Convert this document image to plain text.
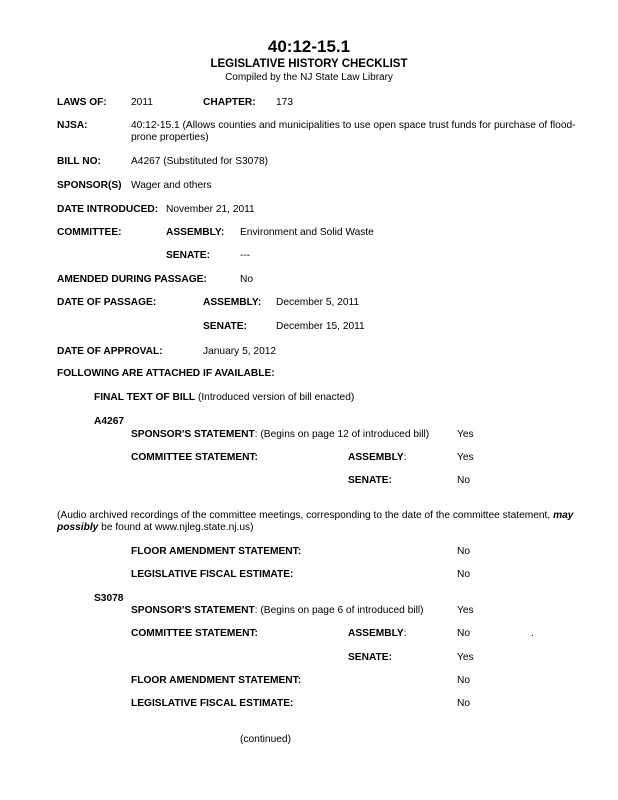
40:12-15.1
LEGISLATIVE HISTORY CHECKLIST
Compiled by the NJ State Law Library
LAWS OF: 2011	CHAPTER: 173
NJSA:	40:12-15.1 (Allows counties and municipalities to use open space trust funds for purchase of flood-prone properties)
BILL NO:	A4267 (Substituted for S3078)
SPONSOR(S) Wager and others
DATE INTRODUCED: November 21, 2011
COMMITTEE:	ASSEMBLY: Environment and Solid Waste
SENATE:	---
AMENDED DURING PASSAGE:	No
DATE OF PASSAGE:	ASSEMBLY: December 5, 2011
SENATE:	December 15, 2011
DATE OF APPROVAL:	January 5, 2012
FOLLOWING ARE ATTACHED IF AVAILABLE:
FINAL TEXT OF BILL (Introduced version of bill enacted)
A4267
SPONSOR'S STATEMENT: (Begins on page 12 of introduced bill)	Yes
COMMITTEE STATEMENT:	ASSEMBLY:	Yes
SENATE:	No
(Audio archived recordings of the committee meetings, corresponding to the date of the committee statement, may possibly be found at www.njleg.state.nj.us)
FLOOR AMENDMENT STATEMENT:	No
LEGISLATIVE FISCAL ESTIMATE:	No
S3078
SPONSOR'S STATEMENT: (Begins on page 6 of introduced bill)	Yes
COMMITTEE STATEMENT:	ASSEMBLY:	No	.
SENATE:	Yes
FLOOR AMENDMENT STATEMENT:	No
LEGISLATIVE FISCAL ESTIMATE:	No
(continued)
